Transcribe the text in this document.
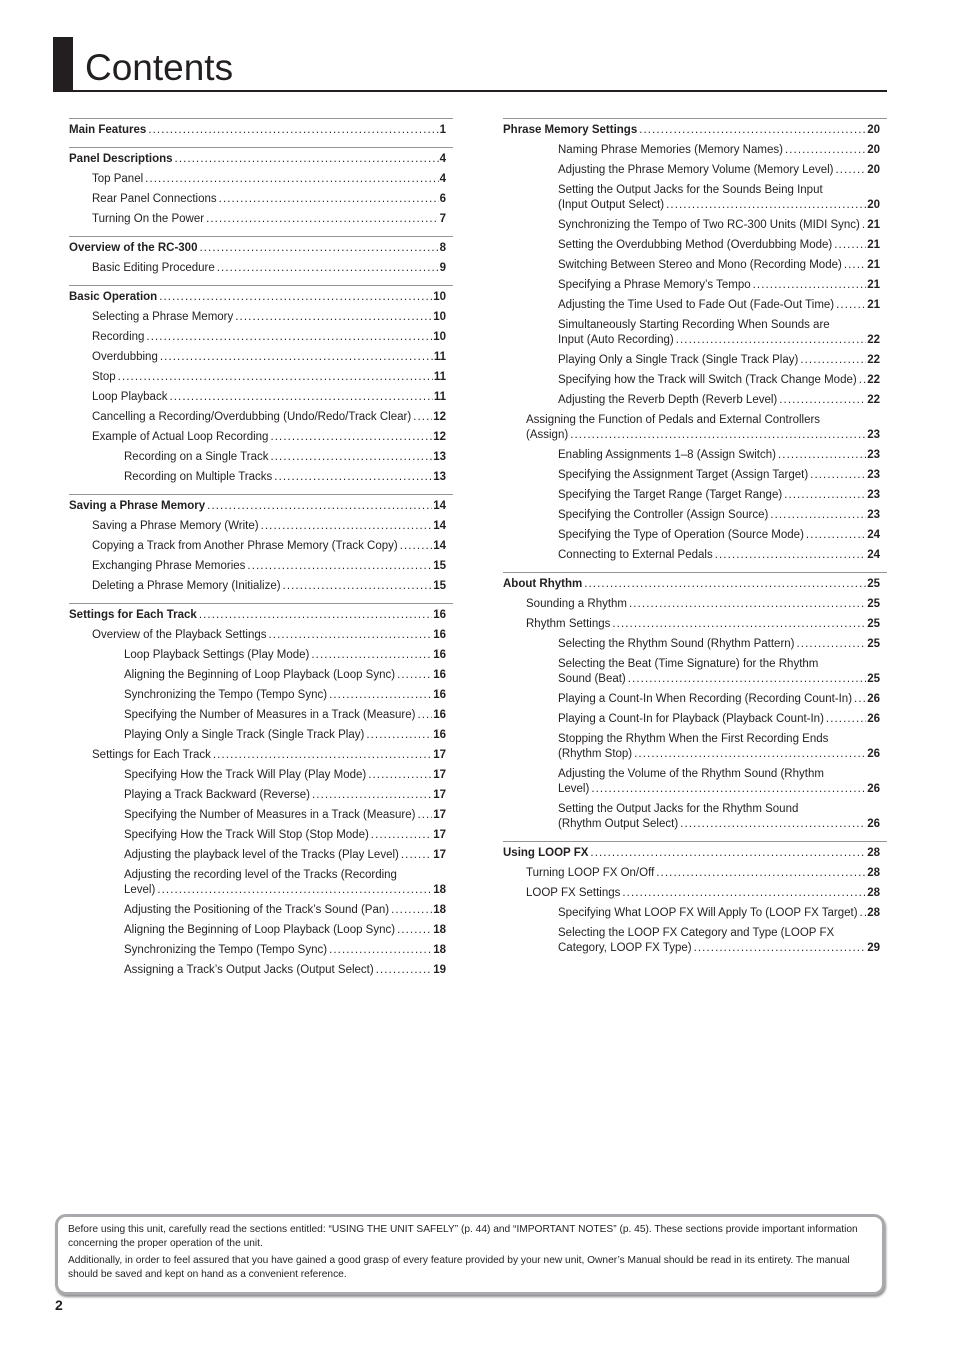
Contents
Main Features .....	1
Panel Descriptions .....	4
Top Panel .....	4
Rear Panel Connections .....	6
Turning On the Power .....	7
Overview of the RC-300 .....	8
Basic Editing Procedure .....	9
Basic Operation .....	10
Selecting a Phrase Memory .....	10
Recording .....	10
Overdubbing .....	11
Stop .....	11
Loop Playback .....	11
Cancelling a Recording/Overdubbing (Undo/Redo/Track Clear) ..... 12
Example of Actual Loop Recording .....	12
Recording on a Single Track .....	13
Recording on Multiple Tracks .....	13
Saving a Phrase Memory .....	14
Saving a Phrase Memory (Write) .....	14
Copying a Track from Another Phrase Memory (Track Copy) .....	14
Exchanging Phrase Memories .....	15
Deleting a Phrase Memory (Initialize) .....	15
Settings for Each Track .....	16
Overview of the Playback Settings .....	16
Loop Playback Settings (Play Mode) .....	16
Aligning the Beginning of Loop Playback (Loop Sync) .....	16
Synchronizing the Tempo (Tempo Sync) .....	16
Specifying the Number of Measures in a Track (Measure) ..... 16
Playing Only a Single Track (Single Track Play) .....	16
Settings for Each Track .....	17
Specifying How the Track Will Play (Play Mode) .....	17
Playing a Track Backward (Reverse) .....	17
Specifying the Number of Measures in a Track (Measure) ..... 17
Specifying How the Track Will Stop (Stop Mode) .....	17
Adjusting the playback level of the Tracks (Play Level) .....	17
Adjusting the recording level of the Tracks (Recording
Level) .....	18
Adjusting the Positioning of the Track’s Sound (Pan) .....	18
Aligning the Beginning of Loop Playback (Loop Sync) .....	18
Synchronizing the Tempo (Tempo Sync) .....	18
Assigning a Track’s Output Jacks (Output Select) .....	19
Phrase Memory Settings .....	20
Naming Phrase Memories (Memory Names) .....	20
Adjusting the Phrase Memory Volume (Memory Level) .....	20
Setting the Output Jacks for the Sounds Being Input
(Input Output Select) .....	20
Synchronizing the Tempo of Two RC-300 Units (MIDI Sync) ..... 21
Setting the Overdubbing Method (Overdubbing Mode) .....	21
Switching Between Stereo and Mono (Recording Mode) ..... 21
Specifying a Phrase Memory’s Tempo .....	21
Adjusting the Time Used to Fade Out (Fade-Out Time) .....	21
Simultaneously Starting Recording When Sounds are
Input (Auto Recording) .....	22
Playing Only a Single Track (Single Track Play) .....	22
Specifying how the Track will Switch (Track Change Mode) ..... 22
Adjusting the Reverb Depth (Reverb Level) .....	22
Assigning the Function of Pedals and External Controllers
(Assign) .....	23
Enabling Assignments 1–8 (Assign Switch) .....	23
Specifying the Assignment Target (Assign Target) .....	23
Specifying the Target Range (Target Range) .....	23
Specifying the Controller (Assign Source) .....	23
Specifying the Type of Operation (Source Mode) .....	24
Connecting to External Pedals .....	24
About Rhythm .....	25
Sounding a Rhythm .....	25
Rhythm Settings .....	25
Selecting the Rhythm Sound (Rhythm Pattern) .....	25
Selecting the Beat (Time Signature) for the Rhythm
Sound (Beat) .....	25
Playing a Count-In When Recording (Recording Count-In) ..... 26
Playing a Count-In for Playback (Playback Count-In) .....	26
Stopping the Rhythm When the First Recording Ends
(Rhythm Stop) .....	26
Adjusting the Volume of the Rhythm Sound (Rhythm
Level) .....	26
Setting the Output Jacks for the Rhythm Sound
(Rhythm Output Select) .....	26
Using LOOP FX .....	28
Turning LOOP FX On/Off .....	28
LOOP FX Settings .....	28
Specifying What LOOP FX Will Apply To (LOOP FX Target) ..... 28
Selecting the LOOP FX Category and Type (LOOP FX
Category, LOOP FX Type) .....	29
Before using this unit, carefully read the sections entitled: “USING THE UNIT SAFELY” (p. 44) and “IMPORTANT NOTES” (p. 45). These sections provide important information
concerning the proper operation of the unit.
Additionally, in order to feel assured that you have gained a good grasp of every feature provided by your new unit, Owner’s Manual should be read in its entirety. The manual
should be saved and kept on hand as a convenient reference.
2
